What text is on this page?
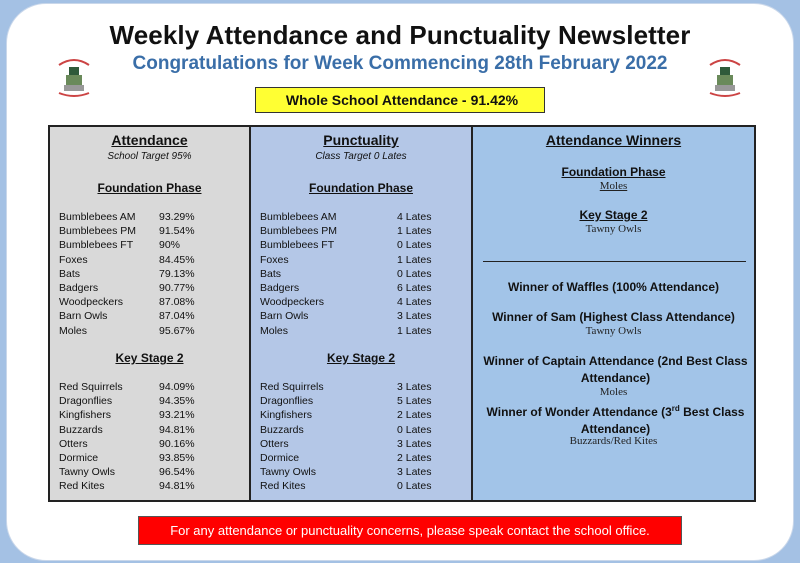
Weekly Attendance and Punctuality Newsletter
Congratulations for Week Commencing 28th February 2022
Whole School Attendance - 91.42%
Attendance
School Target 95%
Foundation Phase
Bumblebees AM	93.29%
Bumblebees PM	91.54%
Bumblebees FT	90%
Foxes	84.45%
Bats	79.13%
Badgers	90.77%
Woodpeckers	87.08%
Barn Owls	87.04%
Moles	95.67%
Key Stage 2
Red Squirrels	94.09%
Dragonflies	94.35%
Kingfishers	93.21%
Buzzards	94.81%
Otters	90.16%
Dormice	93.85%
Tawny Owls	96.54%
Red Kites	94.81%
Punctuality
Class Target 0 Lates
Foundation Phase
Bumblebees AM	4 Lates
Bumblebees PM	1 Lates
Bumblebees FT	0 Lates
Foxes	1 Lates
Bats	0 Lates
Badgers	6 Lates
Woodpeckers	4 Lates
Barn Owls	3 Lates
Moles	1 Lates
Key Stage 2
Red Squirrels	3 Lates
Dragonflies	5 Lates
Kingfishers	2 Lates
Buzzards	0 Lates
Otters	3 Lates
Dormice	2 Lates
Tawny Owls	3 Lates
Red Kites	0 Lates
Attendance Winners
Foundation Phase
Moles
Key Stage 2
Tawny Owls
Winner of Waffles (100% Attendance)
Winner of Sam (Highest Class Attendance)
Tawny Owls
Winner of Captain Attendance (2nd Best Class Attendance)
Moles
Winner of Wonder Attendance (3rd Best Class Attendance)
Buzzards/Red Kites
For any attendance or punctuality concerns, please speak contact the school office.
